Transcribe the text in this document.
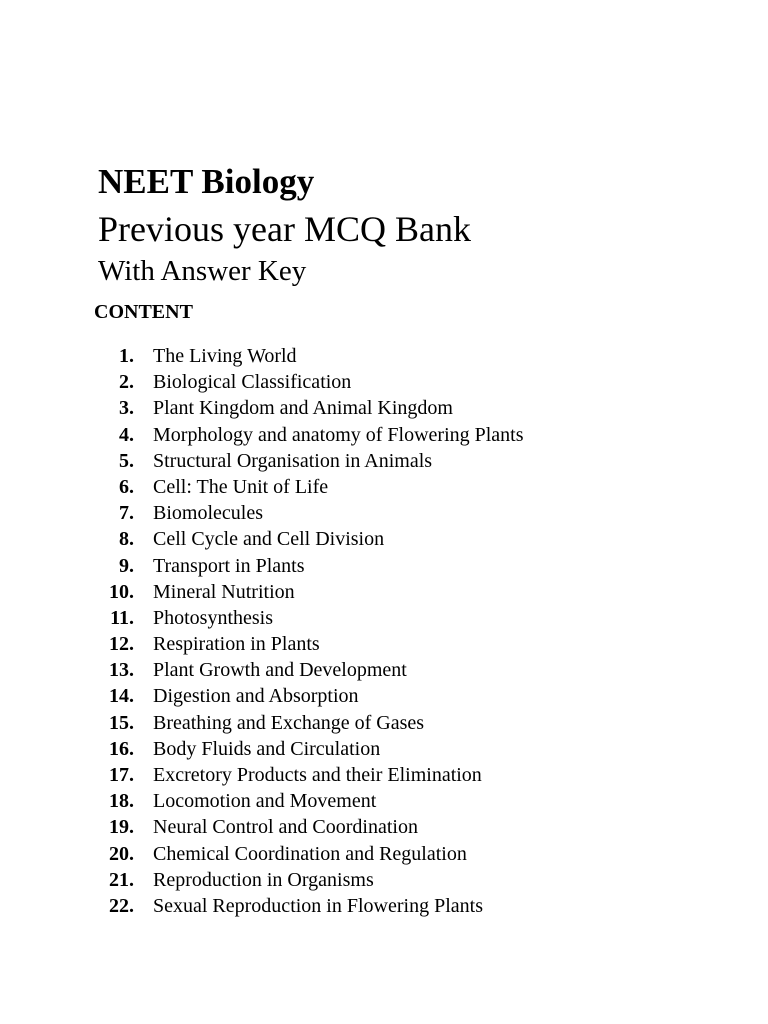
NEET Biology
Previous year MCQ Bank
With Answer Key
CONTENT
1. The Living World
2. Biological Classification
3. Plant Kingdom and Animal Kingdom
4. Morphology and anatomy of Flowering Plants
5. Structural Organisation in Animals
6. Cell: The Unit of Life
7. Biomolecules
8. Cell Cycle and Cell Division
9. Transport in Plants
10. Mineral Nutrition
11. Photosynthesis
12. Respiration in Plants
13. Plant Growth and Development
14. Digestion and Absorption
15. Breathing and Exchange of Gases
16. Body Fluids and Circulation
17. Excretory Products and their Elimination
18. Locomotion and Movement
19. Neural Control and Coordination
20. Chemical Coordination and Regulation
21. Reproduction in Organisms
22. Sexual Reproduction in Flowering Plants
